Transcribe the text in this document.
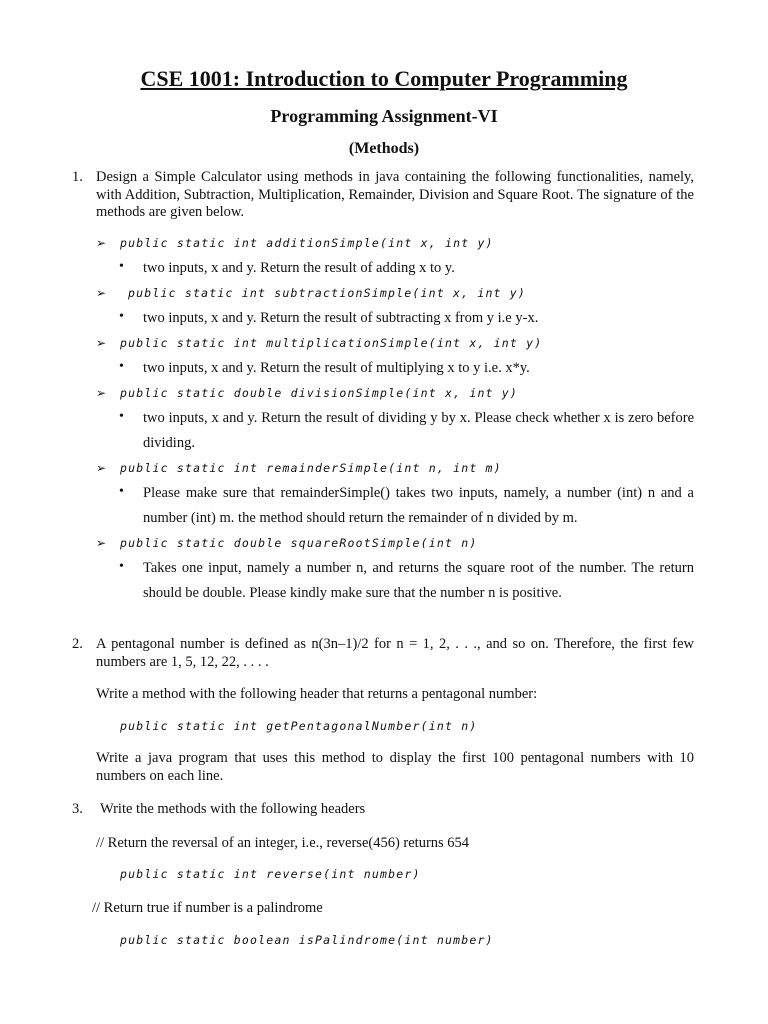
CSE 1001: Introduction to Computer Programming
Programming Assignment-VI
(Methods)
1. Design a Simple Calculator using methods in java containing the following functionalities, namely, with Addition, Subtraction, Multiplication, Remainder, Division and Square Root. The signature of the methods are given below.
➢ public static int additionSimple(int x, int y)
• two inputs, x and y. Return the result of adding x to y.
➢ public static int subtractionSimple(int x, int y)
• two inputs, x and y. Return the result of subtracting x from y i.e y-x.
➢ public static int multiplicationSimple(int x, int y)
• two inputs, x and y. Return the result of multiplying x to y i.e. x*y.
➢ public static double divisionSimple(int x, int y)
• two inputs, x and y. Return the result of dividing y by x. Please check whether x is zero before dividing.
➢ public static int remainderSimple(int n, int m)
• Please make sure that remainderSimple() takes two inputs, namely, a number (int) n and a number (int) m. the method should return the remainder of n divided by m.
➢ public static double squareRootSimple(int n)
• Takes one input, namely a number n, and returns the square root of the number. The return should be double. Please kindly make sure that the number n is positive.
2. A pentagonal number is defined as n(3n–1)/2 for n = 1, 2, . . ., and so on. Therefore, the first few numbers are 1, 5, 12, 22, . . . .
Write a method with the following header that returns a pentagonal number:
public static int getPentagonalNumber(int n)
Write a java program that uses this method to display the first 100 pentagonal numbers with 10 numbers on each line.
3. Write the methods with the following headers
// Return the reversal of an integer, i.e., reverse(456) returns 654
public static int reverse(int number)
// Return true if number is a palindrome
public static boolean isPalindrome(int number)
